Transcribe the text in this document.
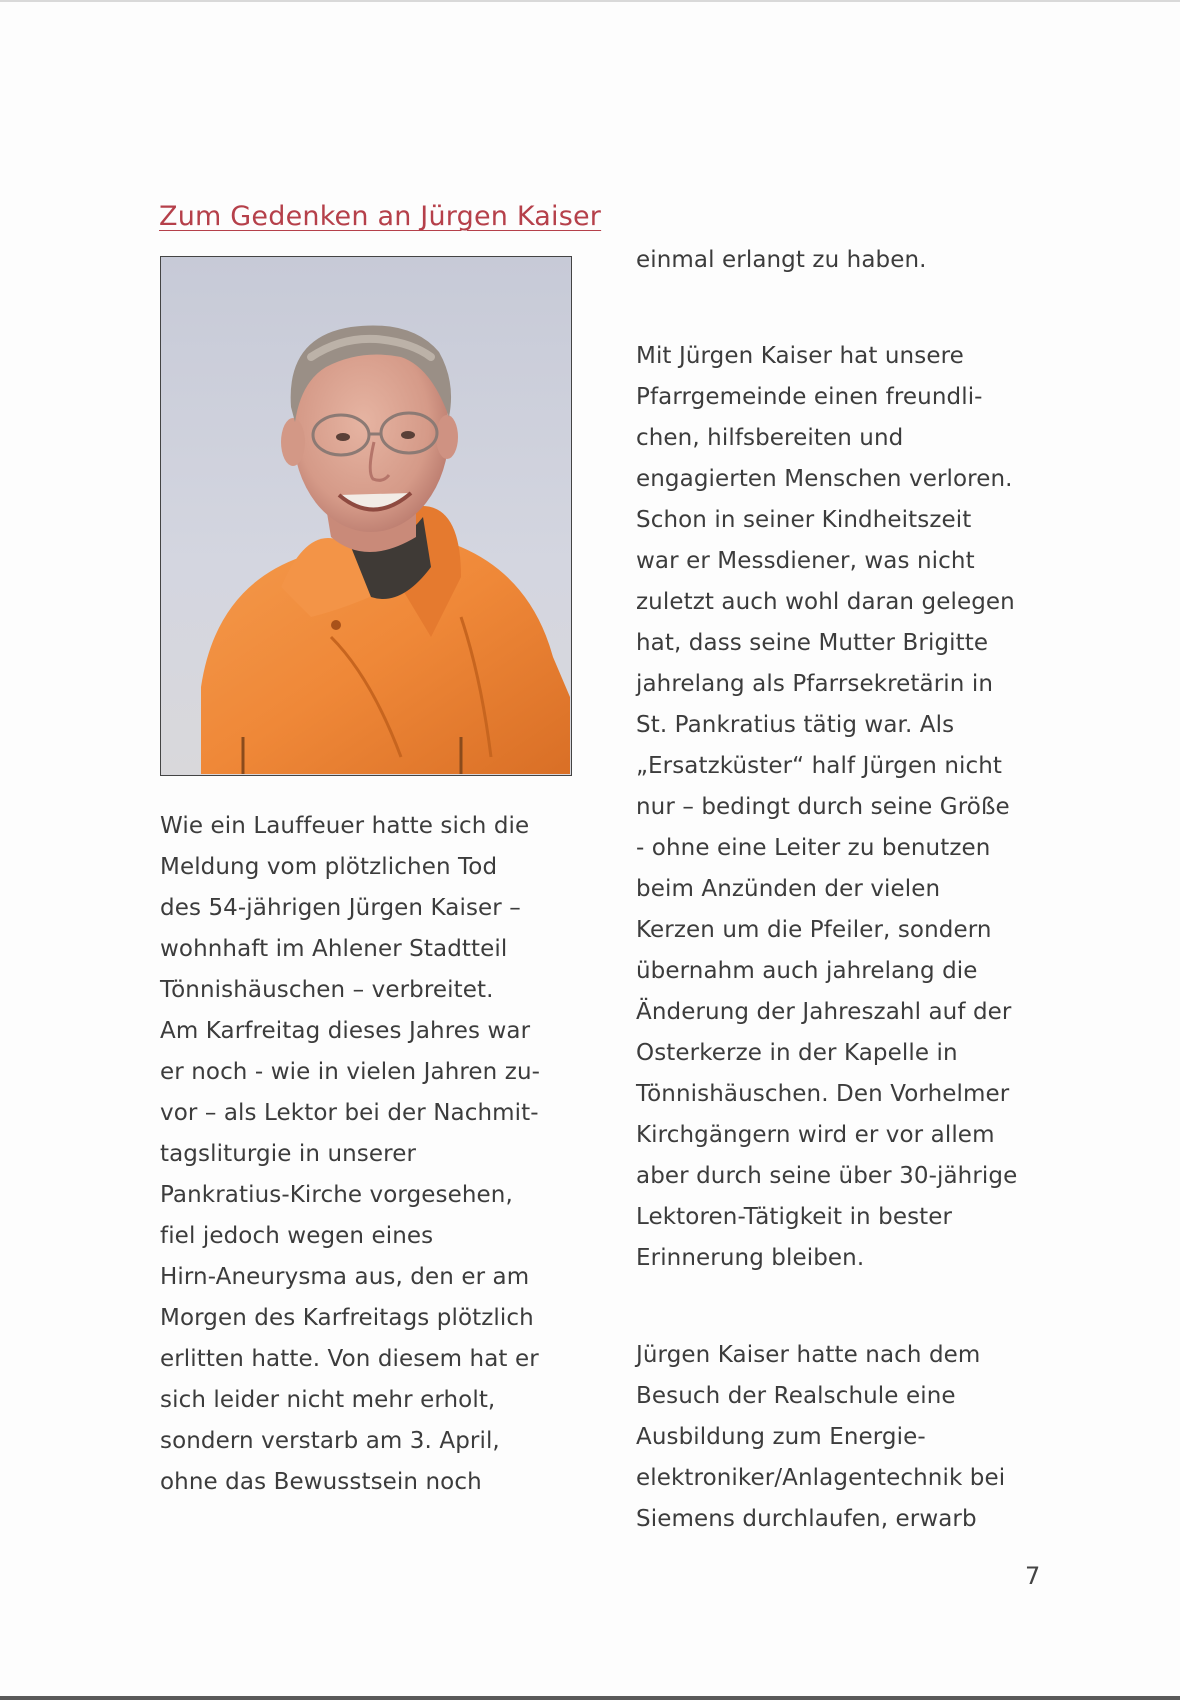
Zum Gedenken an Jürgen Kaiser

Wie ein Lauffeuer hatte sich die
Meldung vom plötzlichen Tod
des 54-jährigen Jürgen Kaiser –
wohnhaft im Ahlener Stadtteil
Tönnishäuschen – verbreitet.
Am Karfreitag dieses Jahres war
er noch - wie in vielen Jahren zu-
vor – als Lektor bei der Nachmit-
tagsliturgie in unserer
Pankratius-Kirche vorgesehen,
fiel jedoch wegen eines
Hirn-Aneurysma aus, den er am
Morgen des Karfreitags plötzlich
erlitten hatte. Von diesem hat er
sich leider nicht mehr erholt,
sondern verstarb am 3. April,
ohne das Bewusstsein noch

einmal erlangt zu haben.

Mit Jürgen Kaiser hat unsere
Pfarrgemeinde einen freundli-
chen, hilfsbereiten und
engagierten Menschen verloren.
Schon in seiner Kindheitszeit
war er Messdiener, was nicht
zuletzt auch wohl daran gelegen
hat, dass seine Mutter Brigitte
jahrelang als Pfarrsekretärin in
St. Pankratius tätig war. Als
„Ersatzküster“ half Jürgen nicht
nur – bedingt durch seine Größe
- ohne eine Leiter zu benutzen
beim Anzünden der vielen
Kerzen um die Pfeiler, sondern
übernahm auch jahrelang die
Änderung der Jahreszahl auf der
Osterkerze in der Kapelle in
Tönnishäuschen. Den Vorhelmer
Kirchgängern wird er vor allem
aber durch seine über 30-jährige
Lektoren-Tätigkeit in bester
Erinnerung bleiben.

Jürgen Kaiser hatte nach dem
Besuch der Realschule eine
Ausbildung zum Energie-
elektroniker/Anlagentechnik bei
Siemens durchlaufen, erwarb

7
